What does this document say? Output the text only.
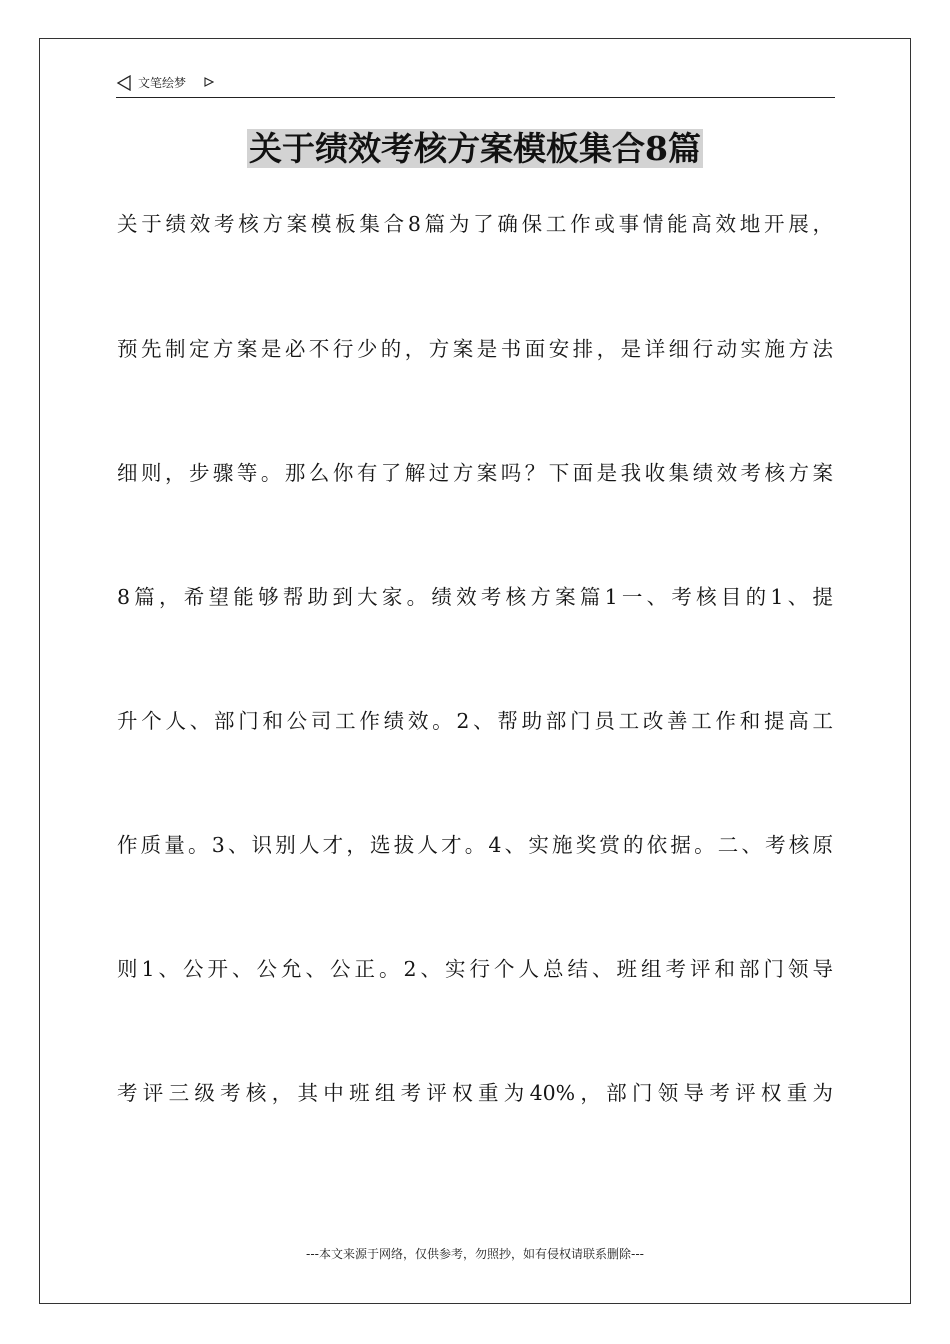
文笔绘梦
关于绩效考核方案模板集合8篇
关于绩效考核方案模板集合8篇为了确保工作或事情能高效地开展，
预先制定方案是必不行少的，方案是书面安排，是详细行动实施方法
细则，步骤等。那么你有了解过方案吗？下面是我收集绩效考核方案
8篇，希望能够帮助到大家。绩效考核方案篇1一、考核目的1、提
升个人、部门和公司工作绩效。2、帮助部门员工改善工作和提高工
作质量。3、识别人才，选拔人才。4、实施奖赏的依据。二、考核原
则1、公开、公允、公正。2、实行个人总结、班组考评和部门领导
考评三级考核，其中班组考评权重为40%，部门领导考评权重为
---本文来源于网络，仅供参考，勿照抄，如有侵权请联系删除---
